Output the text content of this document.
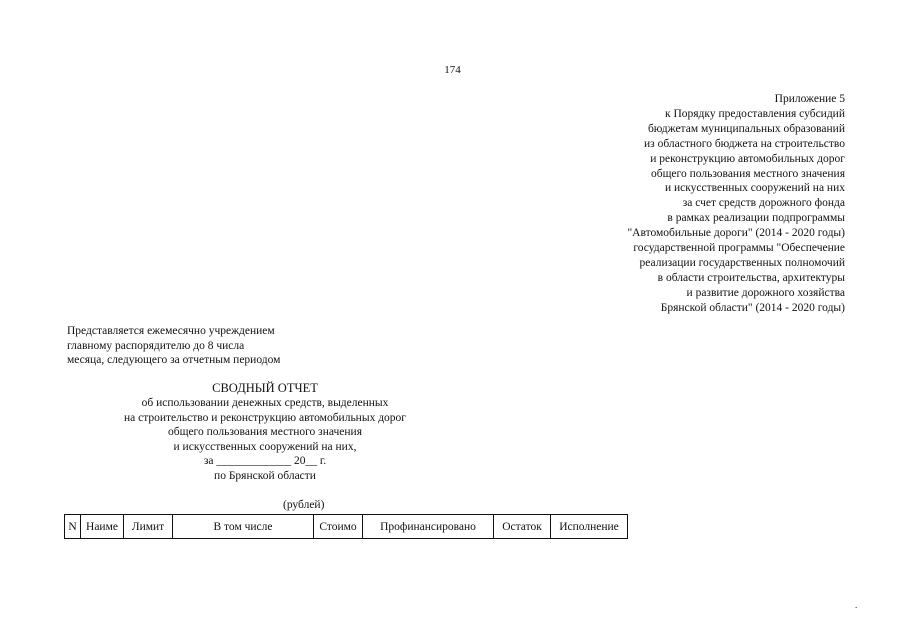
174
Приложение 5
к Порядку предоставления субсидий
бюджетам муниципальных образований
из областного бюджета на строительство
и реконструкцию автомобильных дорог
общего пользования местного значения
и искусственных сооружений на них
за счет средств дорожного фонда
в рамках реализации подпрограммы
"Автомобильные дороги" (2014 - 2020 годы)
государственной программы "Обеспечение
реализации государственных полномочий
в области строительства, архитектуры
и развитие дорожного хозяйства
Брянской области" (2014 - 2020 годы)
Представляется ежемесячно учреждением
главному распорядителю до 8 числа
месяца, следующего за отчетным периодом
СВОДНЫЙ ОТЧЕТ
об использовании денежных средств, выделенных
на строительство и реконструкцию автомобильных дорог
общего пользования местного значения
и искусственных сооружений на них,
за _____________ 20__ г.
по Брянской области
(рублей)
N	Наиме	Лимит	В том числе	Стоимо	Профинансировано	Остаток	Исполнение
.
